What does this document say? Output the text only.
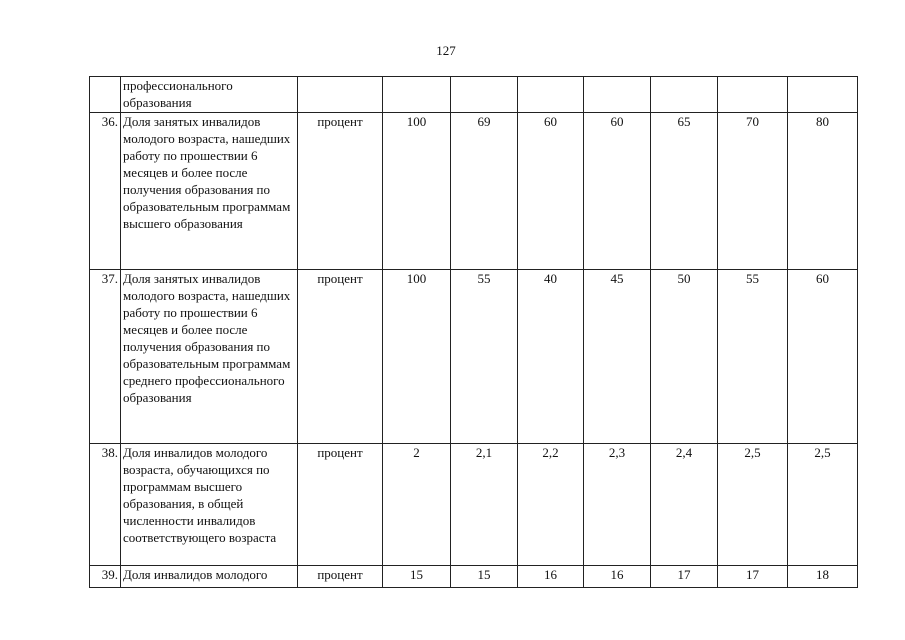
127
	профессионального образования								
36.	Доля занятых инвалидов молодого возраста, нашедших работу по прошествии 6 месяцев и более после получения образования по образовательным программам высшего образования	процент	100	69	60	60	65	70	80
37.	Доля занятых инвалидов молодого возраста, нашедших работу по прошествии 6 месяцев и более после получения образования по образовательным программам среднего профессионального образования	процент	100	55	40	45	50	55	60
38.	Доля инвалидов молодого возраста, обучающихся по программам высшего образования, в общей численности инвалидов соответствующего возраста	процент	2	2,1	2,2	2,3	2,4	2,5	2,5
39.	Доля инвалидов молодого	процент	15	15	16	16	17	17	18
